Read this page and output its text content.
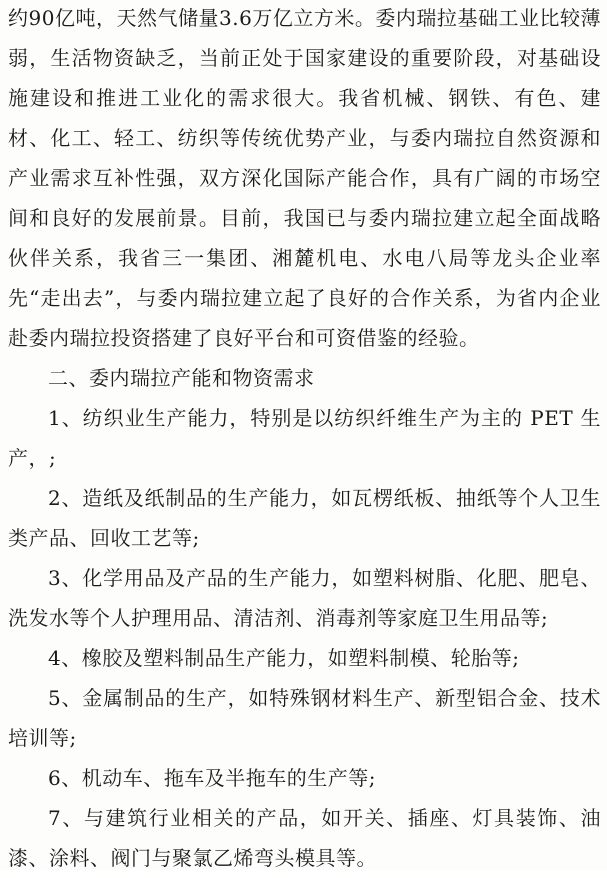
约90亿吨，天然气储量3.6万亿立方米。委内瑞拉基础工业比较薄弱，生活物资缺乏，当前正处于国家建设的重要阶段，对基础设施建设和推进工业化的需求很大。我省机械、钢铁、有色、建材、化工、轻工、纺织等传统优势产业，与委内瑞拉自然资源和产业需求互补性强，双方深化国际产能合作，具有广阔的市场空间和良好的发展前景。目前，我国已与委内瑞拉建立起全面战略伙伴关系，我省三一集团、湘麓机电、水电八局等龙头企业率先“走出去”，与委内瑞拉建立起了良好的合作关系，为省内企业赴委内瑞拉投资搭建了良好平台和可资借鉴的经验。

二、委内瑞拉产能和物资需求

1、纺织业生产能力，特别是以纺织纤维生产为主的 PET 生产，;

2、造纸及纸制品的生产能力，如瓦楞纸板、抽纸等个人卫生类产品、回收工艺等;

3、化学用品及产品的生产能力，如塑料树脂、化肥、肥皂、洗发水等个人护理用品、清洁剂、消毒剂等家庭卫生用品等;

4、橡胶及塑料制品生产能力，如塑料制模、轮胎等;

5、金属制品的生产，如特殊钢材料生产、新型铝合金、技术培训等;

6、机动车、拖车及半拖车的生产等;

7、与建筑行业相关的产品，如开关、插座、灯具装饰、油漆、涂料、阀门与聚氯乙烯弯头模具等。
